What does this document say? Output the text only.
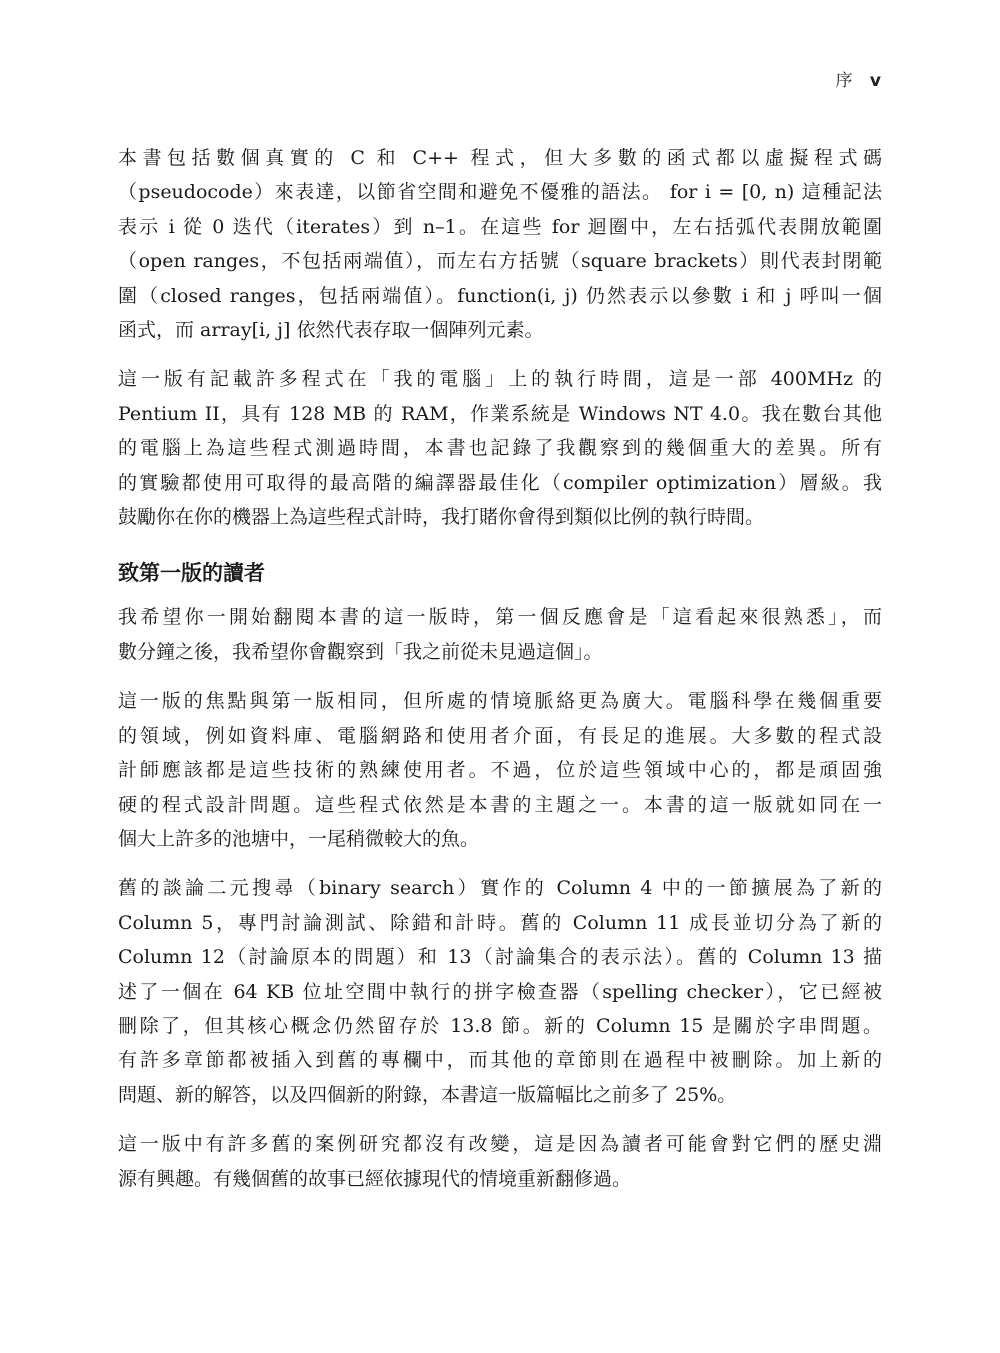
序 v

本書包括數個真實的 C 和 C++ 程式，但大多數的函式都以虛擬程式碼
（pseudocode）來表達，以節省空間和避免不優雅的語法。 for i = [0, n) 這種記法
表示 i 從 0 迭代（iterates）到 n–1。在這些 for 迴圈中，左右括弧代表開放範圍
（open ranges，不包括兩端值），而左右方括號（square brackets）則代表封閉範
圍（closed ranges，包括兩端值）。function(i, j) 仍然表示以參數 i 和 j 呼叫一個
函式，而 array[i, j] 依然代表存取一個陣列元素。

這一版有記載許多程式在「我的電腦」上的執行時間，這是一部 400MHz 的
Pentium II，具有 128 MB 的 RAM，作業系統是 Windows NT 4.0。我在數台其他
的電腦上為這些程式測過時間，本書也記錄了我觀察到的幾個重大的差異。所有
的實驗都使用可取得的最高階的編譯器最佳化（compiler optimization）層級。我
鼓勵你在你的機器上為這些程式計時，我打賭你會得到類似比例的執行時間。

致第一版的讀者

我希望你一開始翻閱本書的這一版時，第一個反應會是「這看起來很熟悉」，而
數分鐘之後，我希望你會觀察到「我之前從未見過這個」。

這一版的焦點與第一版相同，但所處的情境脈絡更為廣大。電腦科學在幾個重要
的領域，例如資料庫、電腦網路和使用者介面，有長足的進展。大多數的程式設
計師應該都是這些技術的熟練使用者。不過，位於這些領域中心的，都是頑固強
硬的程式設計問題。這些程式依然是本書的主題之一。本書的這一版就如同在一
個大上許多的池塘中，一尾稍微較大的魚。

舊的談論二元搜尋（binary search）實作的 Column 4 中的一節擴展為了新的
Column 5，專門討論測試、除錯和計時。舊的 Column 11 成長並切分為了新的
Column 12（討論原本的問題）和 13（討論集合的表示法）。舊的 Column 13 描
述了一個在 64 KB 位址空間中執行的拼字檢查器（spelling checker），它已經被
刪除了，但其核心概念仍然留存於 13.8 節。新的 Column 15 是關於字串問題。
有許多章節都被插入到舊的專欄中，而其他的章節則在過程中被刪除。加上新的
問題、新的解答，以及四個新的附錄，本書這一版篇幅比之前多了 25%。

這一版中有許多舊的案例研究都沒有改變，這是因為讀者可能會對它們的歷史淵
源有興趣。有幾個舊的故事已經依據現代的情境重新翻修過。
